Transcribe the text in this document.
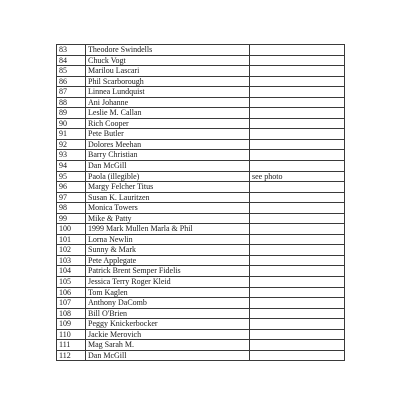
83	Theodore Swindells	
84	Chuck Vogt	
85	Marilou Lascari	
86	Phil Scarborough	
87	Linnea Lundquist	
88	Ani Johanne	
89	Leslie M. Callan	
90	Rich Cooper	
91	Pete Butler	
92	Dolores Meehan	
93	Barry Christian	
94	Dan McGill	
95	Paola (illegible)	see photo
96	Margy Felcher Titus	
97	Susan K. Lauritzen	
98	Monica Towers	
99	Mike & Patty	
100	1999 Mark Mullen Marla & Phil	
101	Lorna Newlin	
102	Sunny & Mark	
103	Pete Applegate	
104	Patrick Brent Semper Fidelis	
105	Jessica Terry Roger Kleid	
106	Tom Kaglen	
107	Anthony DaComb	
108	Bill O'Brien	
109	Peggy Knickerbocker	
110	Jackie Merovich	
111	Mag Sarah M.	
112	Dan McGill	
